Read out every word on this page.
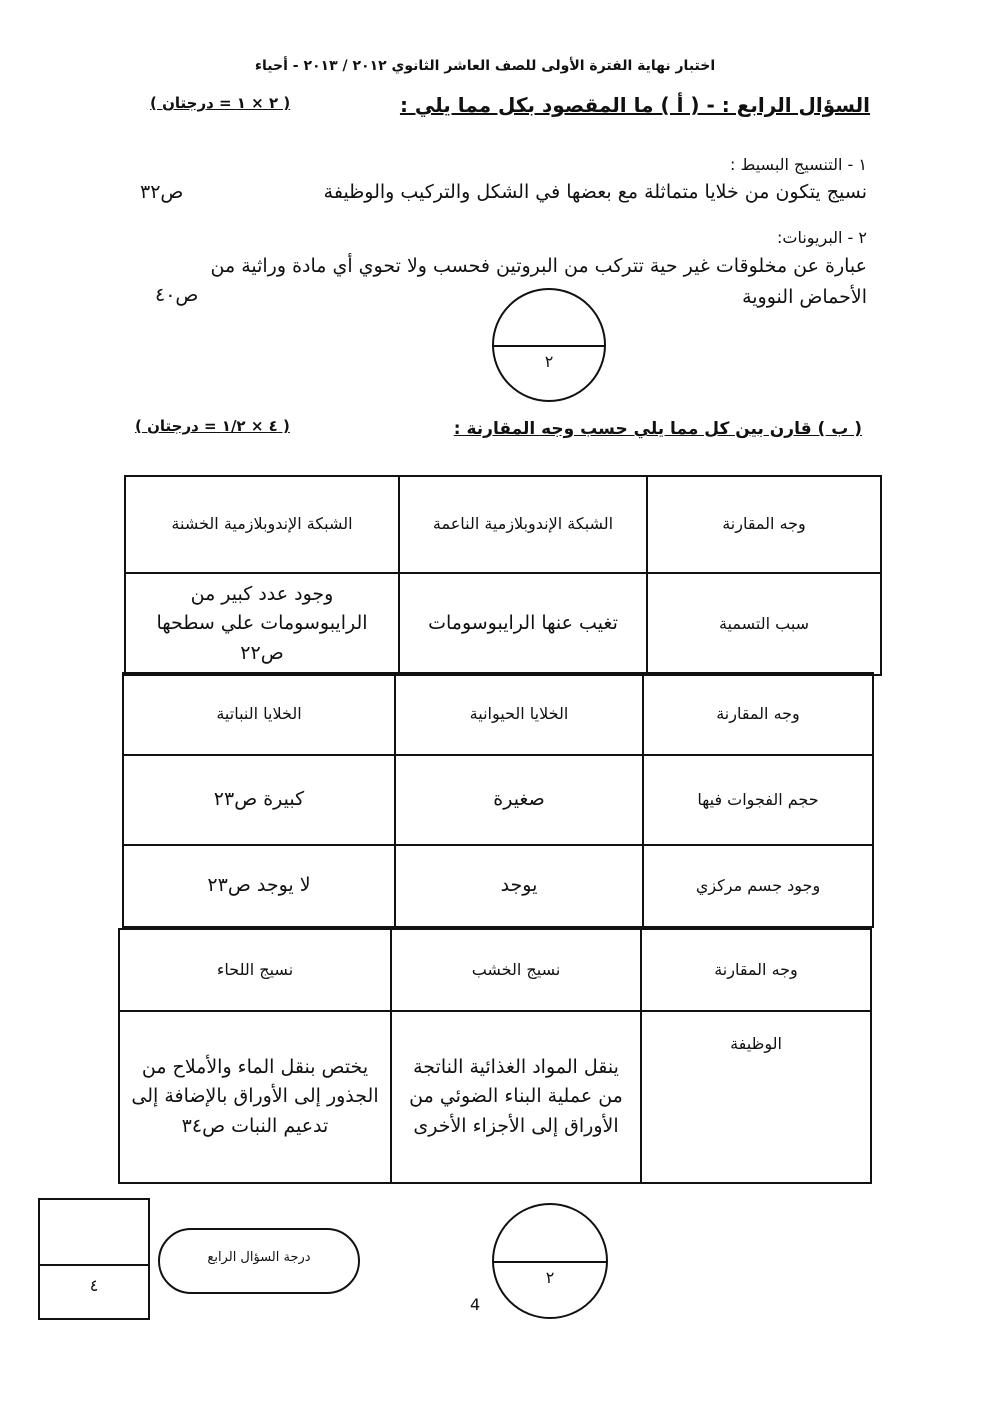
اختبار نهاية الفترة الأولى للصف العاشر الثانوي ٢٠١٢ / ٢٠١٣ - أحياء
السؤال الرابع : - ( أ ) ما المقصود بكل مما يلي :
( ٢ × ١ = درجتان )
١ - التنسيج البسيط :
نسيج يتكون من خلايا متماثلة مع بعضها في الشكل والتركيب والوظيفة
ص٣٢
٢ - البريونات:
عبارة عن مخلوقات غير حية تتركب من البروتين فحسب ولا تحوي أي مادة وراثية من
الأحماض النووية
ص٤٠
٢
( ب ) قارن بين كل مما يلي حسب وجه المقارنة :
( ٤ × ١/٢ = درجتان )
وجه المقارنة	الشبكة الإندوبلازمية الناعمة	الشبكة الإندوبلازمية الخشنة
سبب التسمية	تغيب عنها الرايبوسومات	وجود عدد كبير من الرايبوسومات علي سطحها ص٢٢
وجه المقارنة	الخلايا الحيوانية	الخلايا النباتية
حجم الفجوات فيها	صغيرة	كبيرة ص٢٣
وجود جسم مركزي	يوجد	لا يوجد ص٢٣
وجه المقارنة	نسيج الخشب	نسيج اللحاء
الوظيفة	ينقل المواد الغذائية الناتجة من عملية البناء الضوئي من الأوراق إلى الأجزاء الأخرى	يختص بنقل الماء والأملاح من الجذور إلى الأوراق بالإضافة إلى تدعيم النبات ص٣٤
٤
درجة السؤال الرابع
٢
4
